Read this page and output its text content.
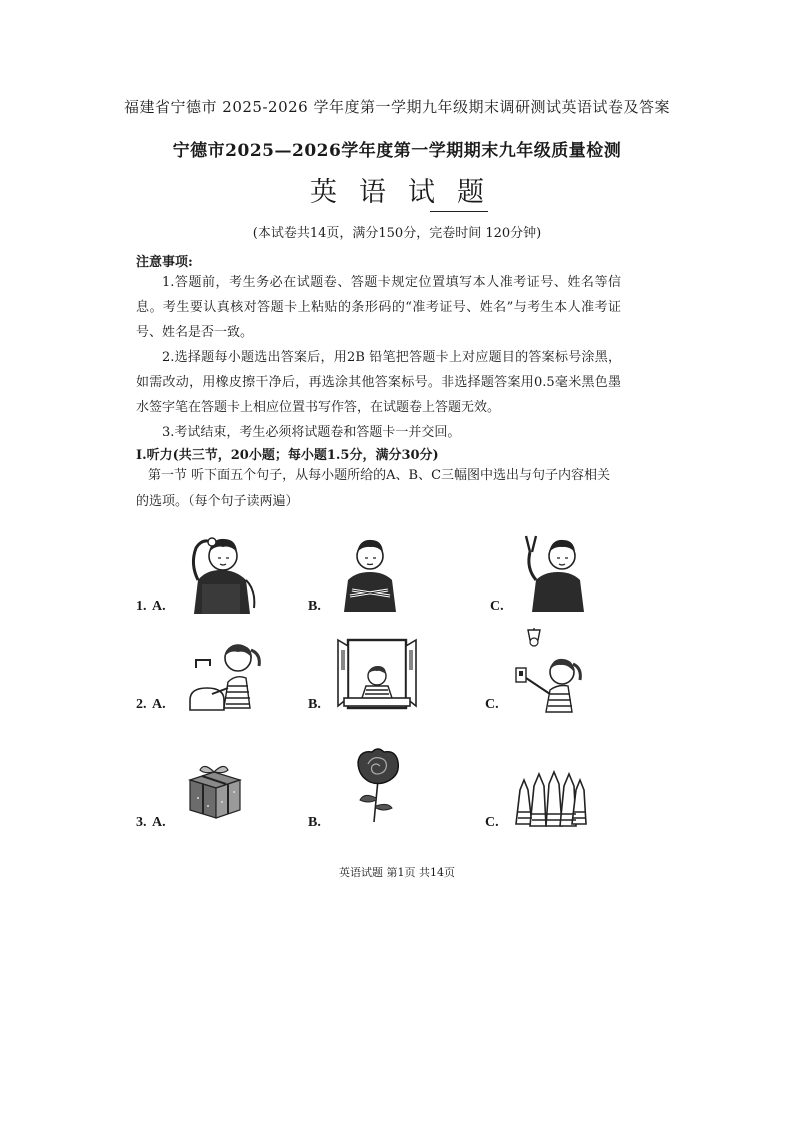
福建省宁德市 2025-2026 学年度第一学期九年级期末调研测试英语试卷及答案
宁德市2025—2026学年度第一学期期末九年级质量检测
英语试题
(本试卷共14页，满分150分，完卷时间 120分钟)
注意事项:
1.答题前，考生务必在试题卷、答题卡规定位置填写本人准考证号、姓名等信息。考生要认真核对答题卡上粘贴的条形码的“准考证号、姓名”与考生本人准考证号、姓名是否一致。
2.选择题每小题选出答案后，用2B 铅笔把答题卡上对应题目的答案标号涂黑，如需改动，用橡皮擦干净后，再选涂其他答案标号。非选择题答案用0.5毫米黑色墨水签字笔在答题卡上相应位置书写作答，在试题卷上答题无效。
3.考试结束，考生必须将试题卷和答题卡一并交回。
Ⅰ.听力(共三节，20小题；每小题1.5分，满分30分)
第一节 听下面五个句子，从每小题所给的A、B、C三幅图中选出与句子内容相关的选项。（每个句子读两遍）
1. A.	B.	C.
2. A.	B.	C.
3. A.	B.	C.
英语试题 第1页 共14页
